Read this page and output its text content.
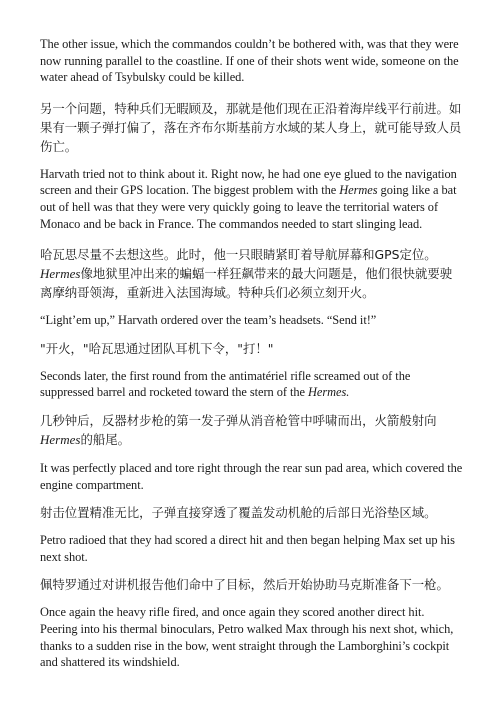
The other issue, which the commandos couldn’t be bothered with, was that they were now running parallel to the coastline. If one of their shots went wide, someone on the water ahead of Tsybulsky could be killed.

另一个问题，特种兵们无暇顾及，那就是他们现在正沿着海岸线平行前进。如果有一颗子弹打偏了，落在齐布尔斯基前方水域的某人身上，就可能导致人员伤亡。

Harvath tried not to think about it. Right now, he had one eye glued to the navigation screen and their GPS location. The biggest problem with the Hermes going like a bat out of hell was that they were very quickly going to leave the territorial waters of Monaco and be back in France. The commandos needed to start slinging lead.

哈瓦思尽量不去想这些。此时，他一只眼睛紧盯着导航屏幕和GPS定位。Hermes像地狱里冲出来的蝙蝠一样狂飙带来的最大问题是，他们很快就要驶离摩纳哥领海，重新进入法国海域。特种兵们必须立刻开火。

“Light’em up,” Harvath ordered over the team’s headsets. “Send it!”

"开火，"哈瓦思通过团队耳机下令，"打！"

Seconds later, the first round from the antimatériel rifle screamed out of the suppressed barrel and rocketed toward the stern of the Hermes.

几秒钟后，反器材步枪的第一发子弹从消音枪管中呼啸而出，火箭般射向Hermes的船尾。

It was perfectly placed and tore right through the rear sun pad area, which covered the engine compartment.

射击位置精准无比，子弹直接穿透了覆盖发动机舱的后部日光浴垫区域。

Petro radioed that they had scored a direct hit and then began helping Max set up his next shot.

佩特罗通过对讲机报告他们命中了目标，然后开始协助马克斯准备下一枪。

Once again the heavy rifle fired, and once again they scored another direct hit. Peering into his thermal binoculars, Petro walked Max through his next shot, which, thanks to a sudden rise in the bow, went straight through the Lamborghini’s cockpit and shattered its windshield.
